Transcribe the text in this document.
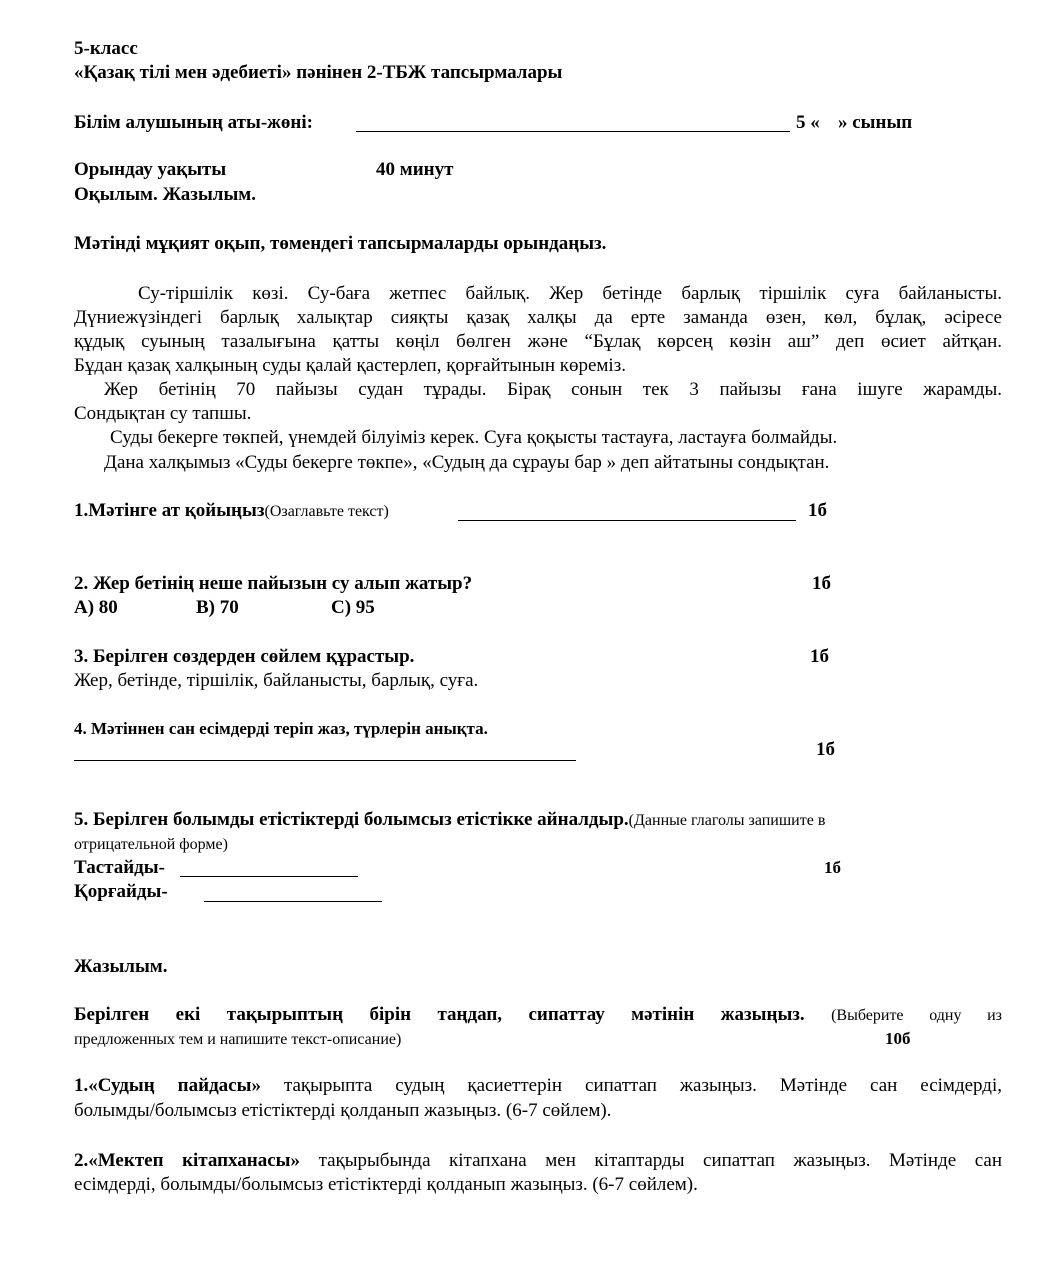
5-класс
«Қазақ тілі мен әдебиеті» пәнінен 2-ТБЖ тапсырмалары
Білім алушының аты-жөні:	5 « » сынып
Орындау уақыты	40 минут
Оқылым. Жазылым.
Мәтінді мұқият оқып, төмендегі тапсырмаларды орындаңыз.
Су-тіршілік көзі. Су-баға жетпес байлық. Жер бетінде барлық тіршілік суға байланысты.
Дүниежүзіндегі барлық халықтар сияқты қазақ халқы да ерте заманда өзен, көл, бұлақ, әсіресе
құдық суының тазалығына қатты көңіл бөлген және “Бұлақ көрсең көзін аш” деп өсиет айтқан.
Бұдан қазақ халқының суды қалай қастерлеп, қорғайтынын көреміз.
Жер бетінің 70 пайызы судан тұрады. Бірақ сонын тек 3 пайызы ғана ішуге жарамды.
Сондықтан су тапшы.
Суды бекерге төкпей, үнемдей білуіміз керек. Суға қоқысты тастауға, ластауға болмайды.
Дана халқымыз «Суды бекерге төкпе», «Судың да сұрауы бар » деп айтатыны сондықтан.
1.Мәтінге ат қойыңыз(Озаглавьте текст)	1б
2. Жер бетінің неше пайызын су алып жатыр?	1б
А) 80	В) 70	С) 95
3. Берілген сөздерден сөйлем құрастыр.	1б
Жер, бетінде, тіршілік, байланысты, барлық, суға.
4. Мәтіннен сан есімдерді теріп жаз, түрлерін анықта.
1б
5. Берілген болымды етістіктерді болымсыз етістікке айналдыр.(Данные глаголы запишите в
отрицательной форме)
Тастайды-	1б
Қорғайды-
Жазылым.
Берілген екі тақырыптың бірін таңдап, сипаттау мәтінін жазыңыз. (Выберите одну из
предложенных тем и напишите текст-описание)	10б
1.«Судың пайдасы» тақырыпта судың қасиеттерін сипаттап жазыңыз. Мәтінде сан есімдерді,
болымды/болымсыз етістіктерді қолданып жазыңыз. (6-7 сөйлем).
2.«Мектеп кітапханасы» тақырыбында кітапхана мен кітаптарды сипаттап жазыңыз. Мәтінде сан
есімдерді, болымды/болымсыз етістіктерді қолданып жазыңыз. (6-7 сөйлем).
